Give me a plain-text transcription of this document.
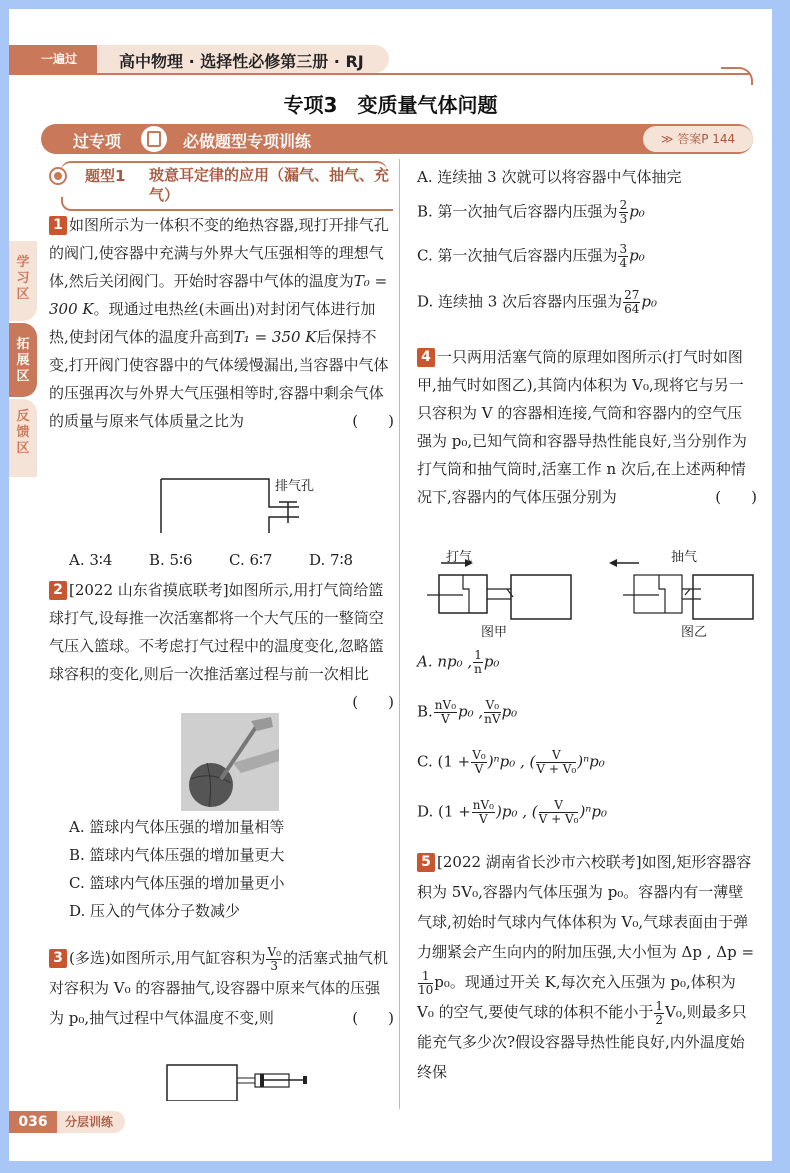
一遍过	高中物理 · 选择性必修第三册 · RJ
专项3　变质量气体问题
过专项	必做题型专项训练	≫ 答案P 144
学习区
拓展区
反馈区
题型1 玻意耳定律的应用（漏气、抽气、充气）

1 如图所示为一体积不变的绝热容器,现打开排气孔的阀门,使容器中充满与外界大气压强相等的理想气体,然后关闭阀门。开始时容器中气体的温度为T₀ = 300 K。现通过电热丝(未画出)对封闭气体进行加热,使封闭气体的温度升高到T₁ = 350 K后保持不变,打开阀门使容器中的气体缓慢漏出,当容器中气体的压强再次与外界大气压强相等时,容器中剩余气体的质量与原来气体质量之比为	(　　)

排气孔
A. 3∶4	B. 5∶6	C. 6∶7	D. 7∶8

2 [2022 山东省摸底联考]如图所示,用打气筒给篮球打气,设每推一次活塞都将一个大气压的一整筒空气压入篮球。不考虑打气过程中的温度变化,忽略篮球容积的变化,则后一次推活塞过程与前一次相比
(　　)

A. 篮球内气体压强的增加量相等
B. 篮球内气体压强的增加量更大
C. 篮球内气体压强的增加量更小
D. 压入的气体分子数减少

3 (多选)如图所示,用气缸容积为 $\frac{\text{V₀}}{3}$ 的活塞式抽气机对容积为 V₀ 的容器抽气,设容器中原来气体的压强为 p₀,抽气过程中气体温度不变,则	(　　)

A. 连续抽 3 次就可以将容器中气体抽完
B. 第一次抽气后容器内压强为 $\frac{2}{3} p_0$
C. 第一次抽气后容器内压强为 $\frac{3}{4} p_0$
D. 连续抽 3 次后容器内压强为 $\frac{27}{64} p_0$

4 一只两用活塞气筒的原理如图所示(打气时如图甲,抽气时如图乙),其筒内体积为 V₀,现将它与另一只容积为 V 的容器相连接,气筒和容器内的空气压强为 p₀,已知气筒和容器导热性能良好,当分别作为打气筒和抽气筒时,活塞工作 n 次后,在上述两种情况下,容器内的气体压强分别为	(　　)

打气
图甲
抽气
图乙
A. np₀ , $\frac{1}{n} p_0$
B. $\frac{\text{nV₀}}{V} p_0$ , $\frac{\text{V₀}}{nV} p_0$
C. $(1 + \frac{\text{V₀}}{V} )^np_0$ , ( $\frac{V}{\text{V + V₀}} )^np_0$
D. $(1 + \frac{\text{nV₀}}{V} )p_0$ , ( $\frac{V}{\text{V + V₀}} )^np_0$

5 [2022 湖南省长沙市六校联考]如图,矩形容器容积为 5V₀,容器内气体压强为 p₀。容器内有一薄壁气球,初始时气球内气体体积为 V₀,气球表面由于弹力绷紧会产生向内的附加压强,大小恒为 Δp , Δp =
$\frac{1}{10} p_0$。现通过开关 K,每次充入压强为 p₀,体积为 V₀ 的空气,要使气球的体积不能小于 $\frac{1}{2} V_0$,则最多只能充气多少次?假设容器导热性能良好,内外温度始终保

分层训练
036
